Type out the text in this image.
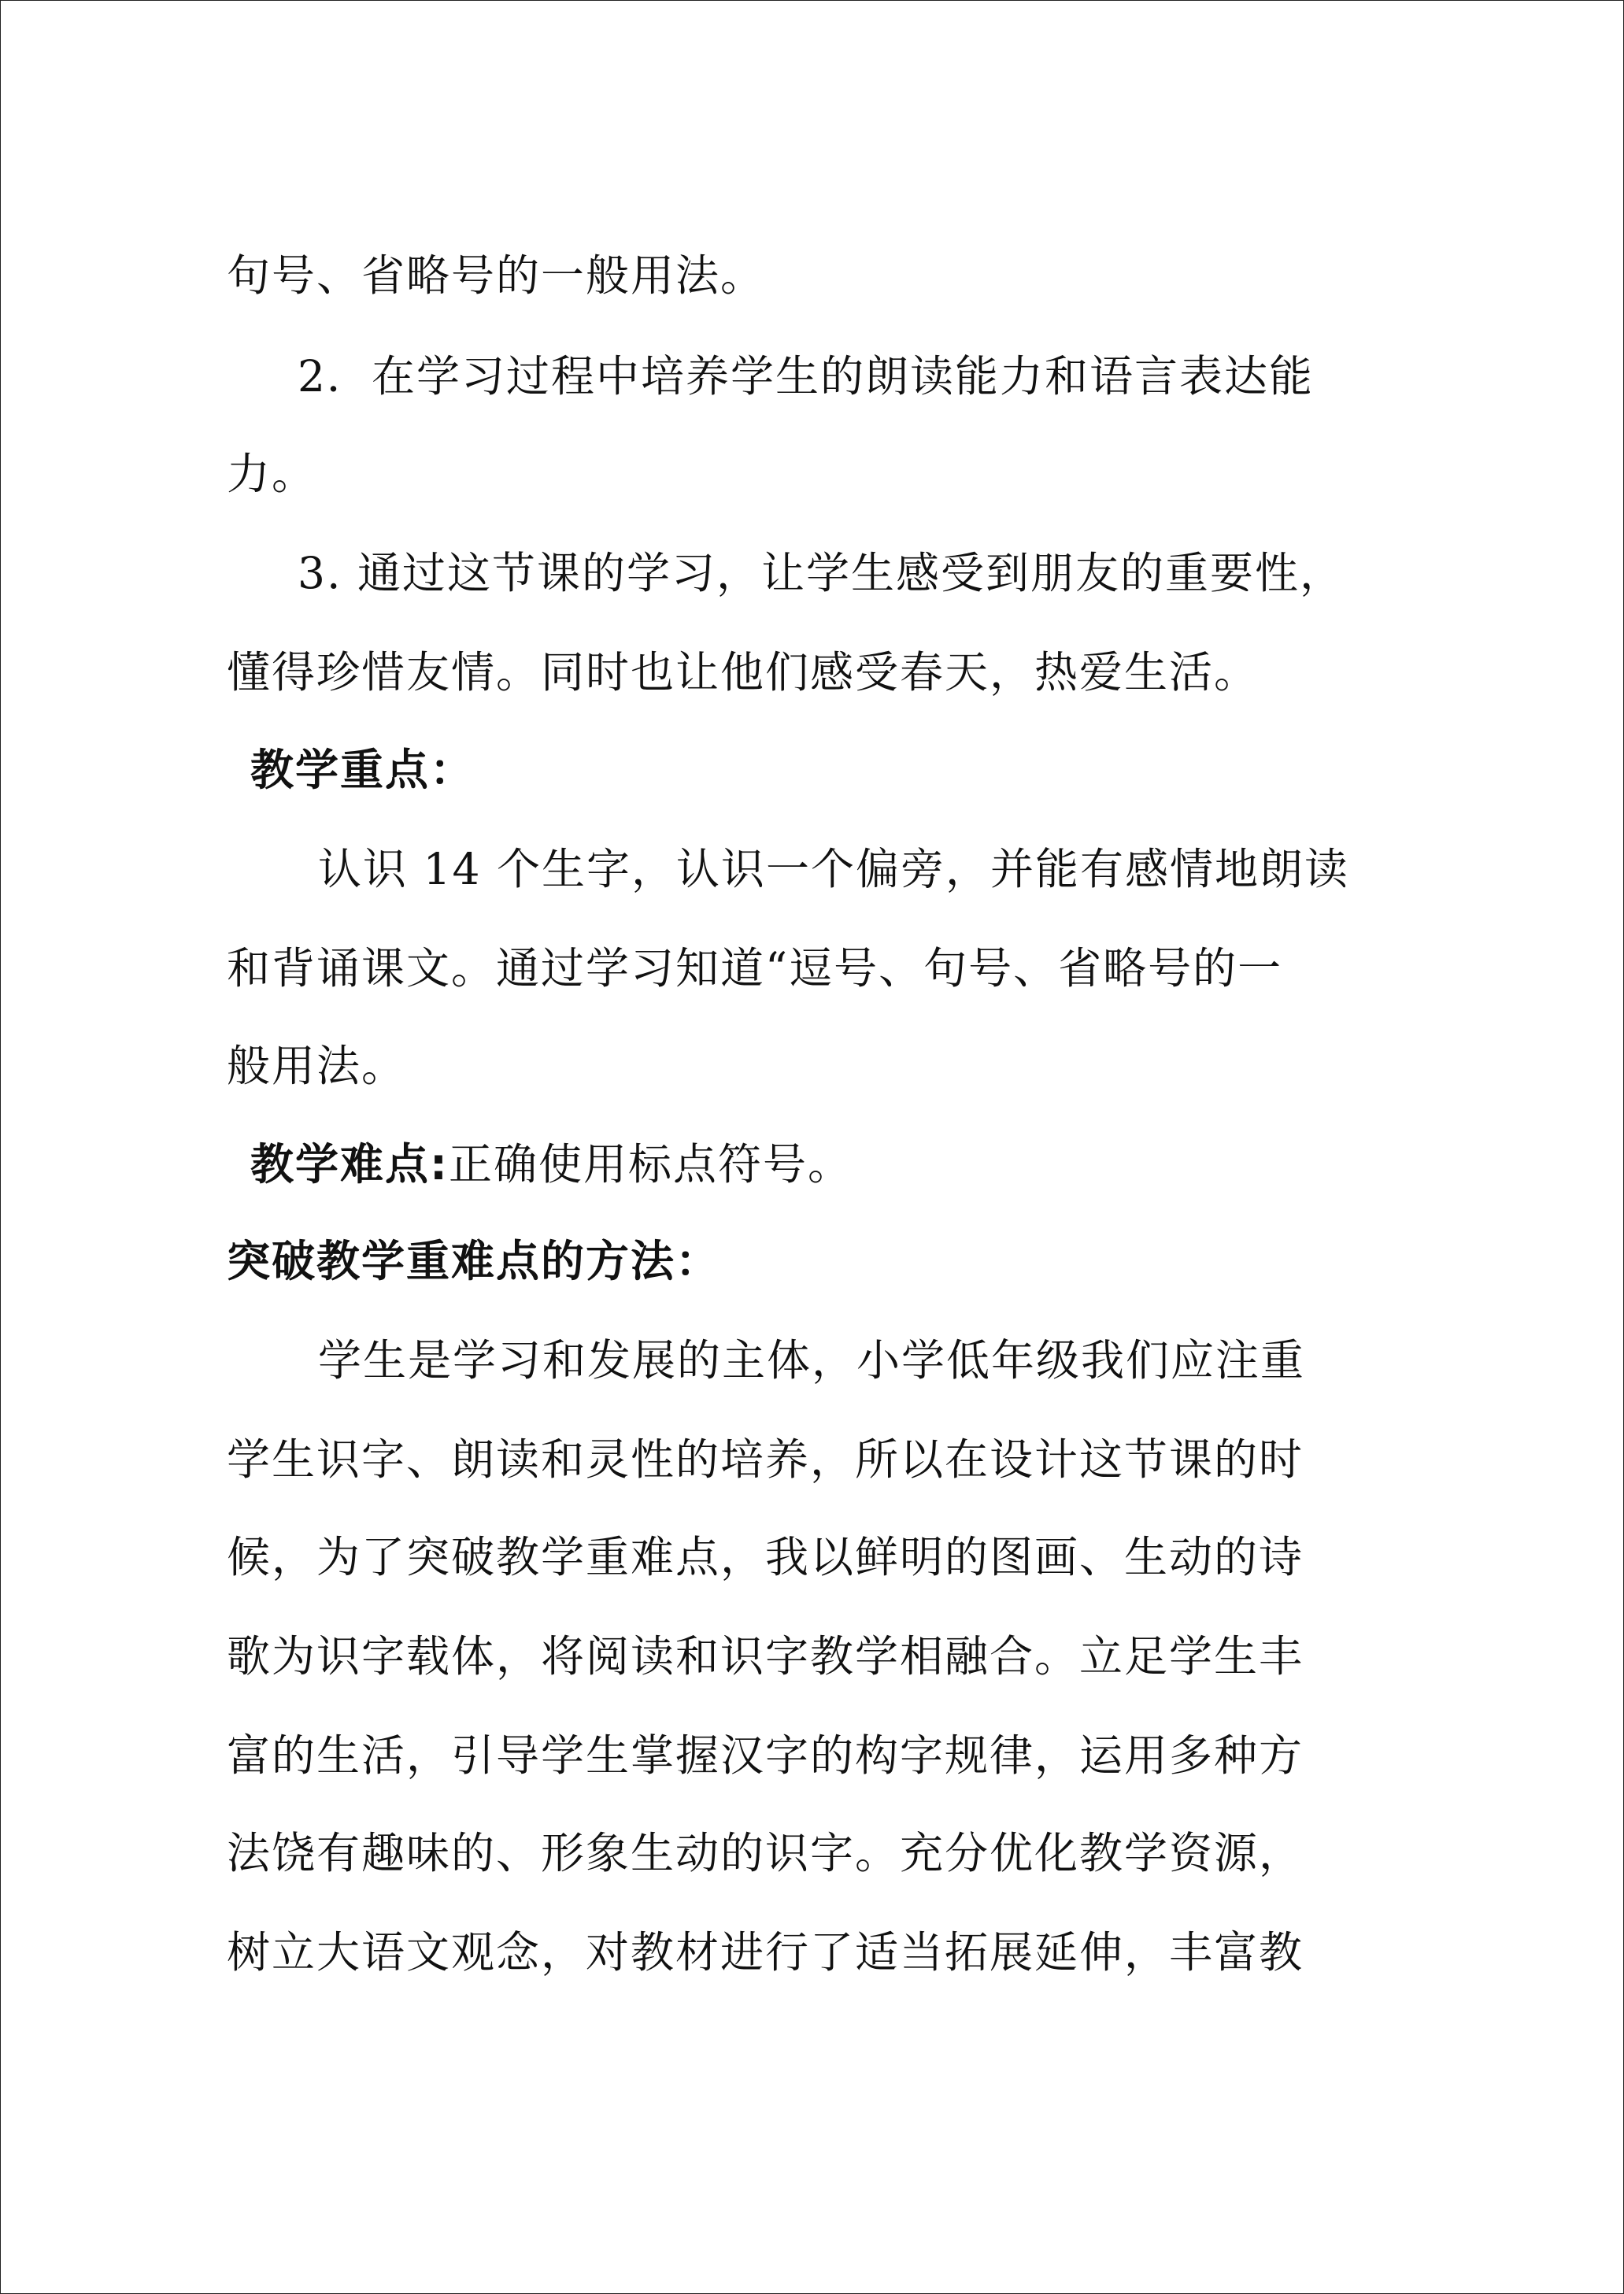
句号、省略号的一般用法。
2．在学习过程中培养学生的朗读能力和语言表达能
力。
3. 通过这节课的学习，让学生感受到朋友的重要性，
懂得珍惜友情。同时也让他们感受春天，热爱生活。
教学重点：
认识 14 个生字，认识一个偏旁，并能有感情地朗读
和背诵课文。通过学习知道“逗号、句号、省略号的一
般用法。
教学难点:正确使用标点符号。
突破教学重难点的方法：
学生是学习和发展的主体，小学低年级我们应注重
学生识字、朗读和灵性的培养，所以在设计这节课的时
候，为了突破教学重难点，我以鲜明的图画、生动的诗
歌为识字载体，将阅读和识字教学相融合。立足学生丰
富的生活，引导学生掌握汉字的构字规律，运用多种方
法饶有趣味的、形象生动的识字。充分优化教学资源，
树立大语文观念，对教材进行了适当拓展延伸，丰富教
